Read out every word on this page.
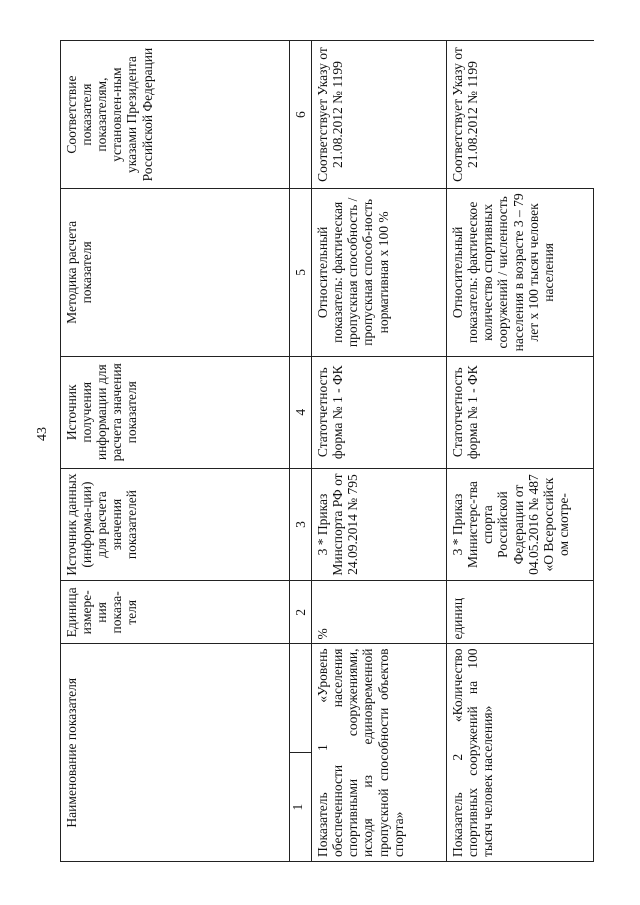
43
Наименование показателя	Единица измере-ния показа-теля	Источник данных (информа-ции) для расчета значения показателей	Источник получения информации для расчета значения показателя	Методика расчета показателя	Соответствие показателя показателям, установлен-ным указами Президента Российской Федерации

1	2	3	4	5	6
Показатель 1 «Уровень обеспеченности населения спортивными сооружениями, исходя из единовременной пропускной способности объектов спорта»	%	3 * Приказ Минспорта РФ от 24.09.2014 № 795	Статотчетность форма № 1 - ФК	Относительный показатель: фактическая пропускная способность / пропускная способ-ность нормативная х 100 %	Соответствует Указу от 21.08.2012 № 1199
Показатель 2 «Количество спортивных сооружений на 100 тысяч человек населения»	единиц	3 * Приказ Министерс-тва спорта Российской Федерации от 04.05.2016 № 487 «О Всероссийск ом смотре-	Статотчетность форма № 1 - ФК	Относительный показатель: фактическое количество спортивных сооружений / численность населения в возрасте 3 – 79 лет х 100 тысяч человек населения	Соответствует Указу от 21.08.2012 № 1199
